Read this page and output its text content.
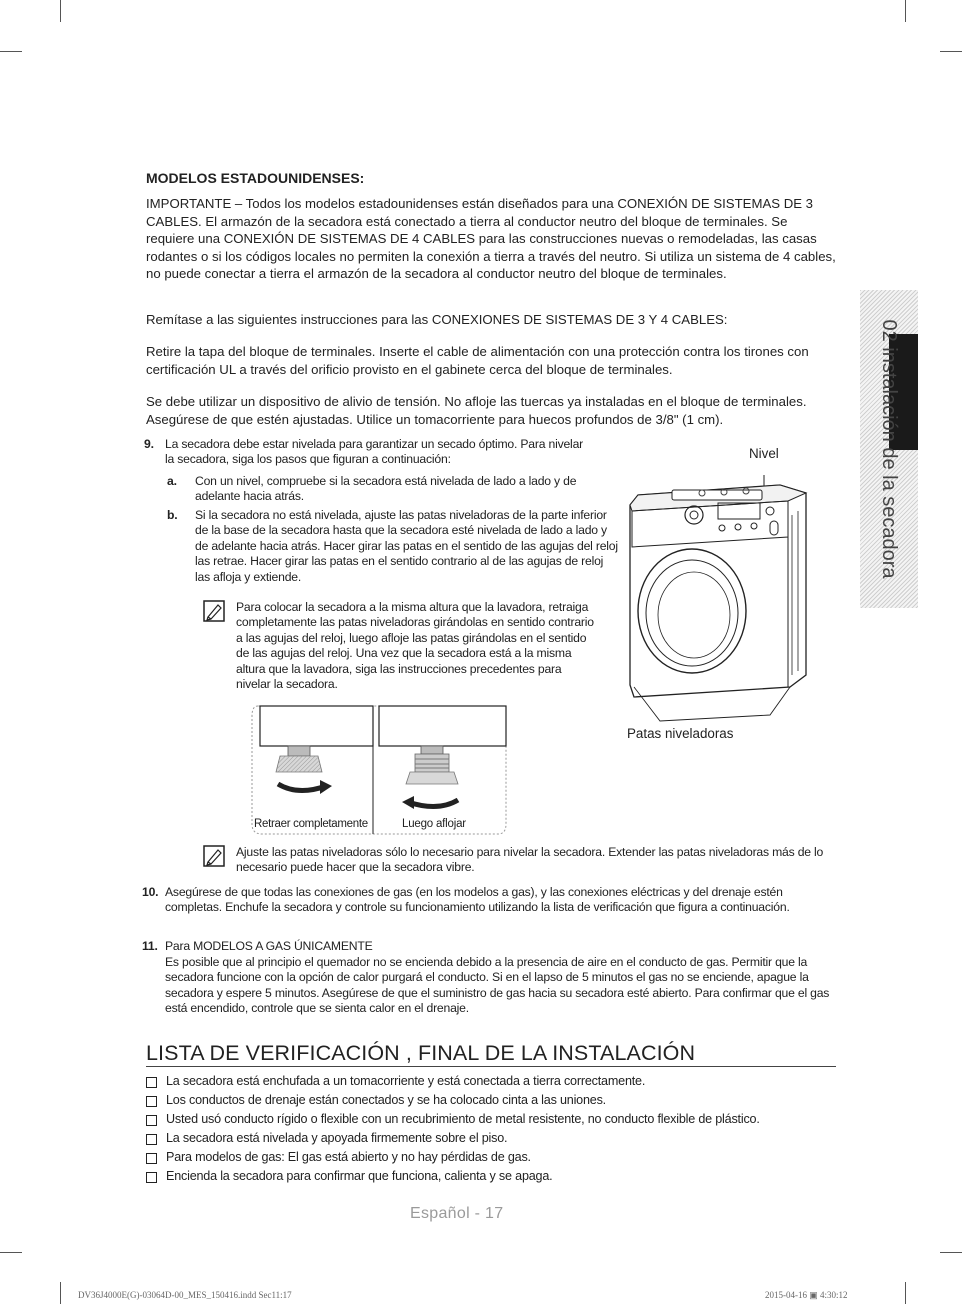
02 instalación de la secadora
MODELOS ESTADOUNIDENSES:

IMPORTANTE – Todos los modelos estadounidenses están diseñados para una CONEXIÓN DE SISTEMAS DE 3 CABLES. El armazón de la secadora está conectado a tierra al conductor neutro del bloque de terminales. Se requiere una CONEXIÓN DE SISTEMAS DE 4 CABLES para las construcciones nuevas o remodeladas, las casas rodantes o si los códigos locales no permiten la conexión a tierra a través del neutro. Si utiliza un sistema de 4 cables, no puede conectar a tierra el armazón de la secadora al conductor neutro del bloque de terminales.

Remítase a las siguientes instrucciones para las CONEXIONES DE SISTEMAS DE 3 Y 4 CABLES:

Retire la tapa del bloque de terminales. Inserte el cable de alimentación con una protección contra los tirones con certificación UL a través del orificio provisto en el gabinete cerca del bloque de terminales.

Se debe utilizar un dispositivo de alivio de tensión. No afloje las tuercas ya instaladas en el bloque de terminales. Asegúrese de que estén ajustadas. Utilice un tomacorriente para huecos profundos de 3/8" (1 cm).

9. La secadora debe estar nivelada para garantizar un secado óptimo. Para nivelar la secadora, siga los pasos que figuran a continuación:

a. Con un nivel, compruebe si la secadora está nivelada de lado a lado y de adelante hacia atrás.

b. Si la secadora no está nivelada, ajuste las patas niveladoras de la parte inferior de la base de la secadora hasta que la secadora esté nivelada de lado a lado y de adelante hacia atrás. Hacer girar las patas en el sentido de las agujas del reloj las retrae. Hacer girar las patas en el sentido contrario al de las agujas de reloj las afloja y extiende.

Para colocar la secadora a la misma altura que la lavadora, retraiga completamente las patas niveladoras girándolas en sentido contrario a las agujas del reloj, luego afloje las patas girándolas en el sentido de las agujas del reloj. Una vez que la secadora está a la misma altura que la lavadora, siga las instrucciones precedentes para nivelar la secadora.

Retraer completamente	Luego aflojar
Nivel
Patas niveladoras

Ajuste las patas niveladoras sólo lo necesario para nivelar la secadora. Extender las patas niveladoras más de lo necesario puede hacer que la secadora vibre.

10. Asegúrese de que todas las conexiones de gas (en los modelos a gas), y las conexiones eléctricas y del drenaje estén completas. Enchufe la secadora y controle su funcionamiento utilizando la lista de verificación que figura a continuación.

11. Para MODELOS A GAS ÚNICAMENTE

Es posible que al principio el quemador no se encienda debido a la presencia de aire en el conducto de gas. Permitir que la secadora funcione con la opción de calor purgará el conducto. Si en el lapso de 5 minutos el gas no se enciende, apague la secadora y espere 5 minutos. Asegúrese de que el suministro de gas hacia su secadora esté abierto. Para confirmar que el gas está encendido, controle que se sienta calor en el drenaje.

LISTA DE VERIFICACIÓN , FINAL DE LA INSTALACIÓN
La secadora está enchufada a un tomacorriente y está conectada a tierra correctamente.
Los conductos de drenaje están conectados y se ha colocado cinta a las uniones.
Usted usó conducto rígido o flexible con un recubrimiento de metal resistente, no conducto flexible de plástico.
La secadora está nivelada y apoyada firmemente sobre el piso.
Para modelos de gas: El gas está abierto y no hay pérdidas de gas.
Encienda la secadora para confirmar que funciona, calienta y se apaga.
Español - 17
DV36J4000E(G)-03064D-00_MES_150416.indd Sec11:17	2015-04-16 ▣ 4:30:12
